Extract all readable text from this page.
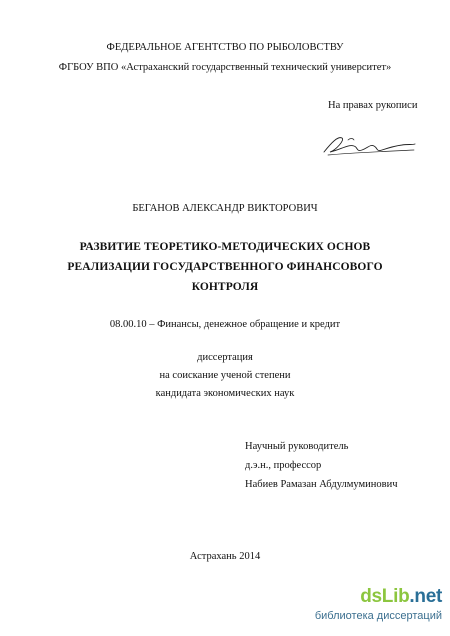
ФЕДЕРАЛЬНОЕ АГЕНТСТВО ПО РЫБОЛОВСТВУ
ФГБОУ ВПО «Астраханский государственный технический университет»
На правах рукописи
БЕГАНОВ АЛЕКСАНДР ВИКТОРОВИЧ
РАЗВИТИЕ ТЕОРЕТИКО-МЕТОДИЧЕСКИХ ОСНОВ
РЕАЛИЗАЦИИ ГОСУДАРСТВЕННОГО ФИНАНСОВОГО
КОНТРОЛЯ
08.00.10 – Финансы, денежное обращение и кредит
диссертация
на соискание ученой степени
кандидата экономических наук
Научный руководитель
д.э.н., профессор
Набиев Рамазан Абдулмуминович
Астрахань 2014
dsLib.net
библиотека диссертаций
